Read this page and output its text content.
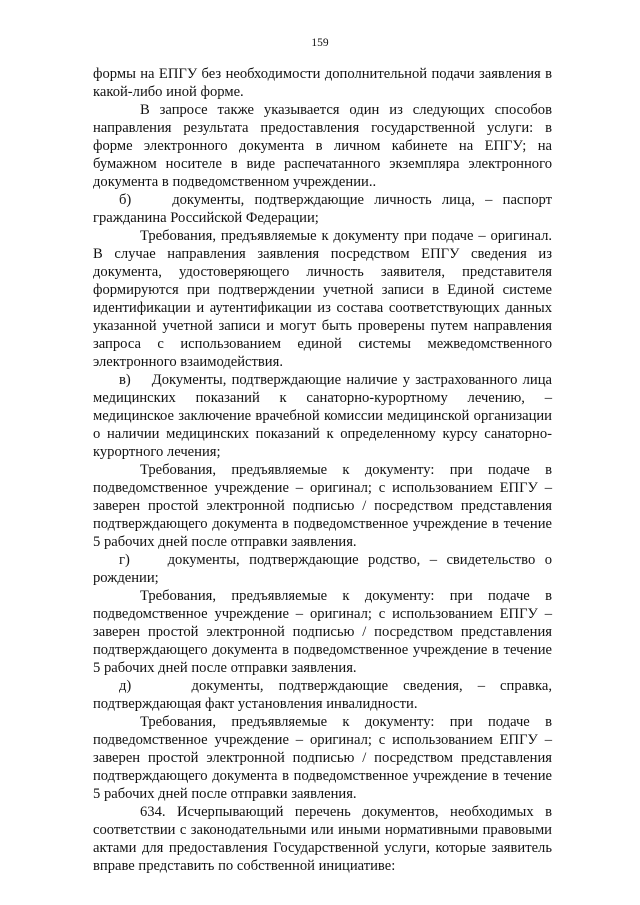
159

формы на ЕПГУ без необходимости дополнительной подачи заявления в какой-либо иной форме.

В запросе также указывается один из следующих способов направления результата предоставления государственной услуги: в форме электронного документа в личном кабинете на ЕПГУ; на бумажном носителе в виде распечатанного экземпляра электронного документа в подведомственном учреждении..

б)    документы, подтверждающие личность лица, – паспорт гражданина Российской Федерации;

Требования, предъявляемые к документу при подаче – оригинал. В случае направления заявления посредством ЕПГУ сведения из документа, удостоверяющего личность заявителя, представителя формируются при подтверждении учетной записи в Единой системе идентификации и аутентификации из состава соответствующих данных указанной учетной записи и могут быть проверены путем направления запроса с использованием единой системы межведомственного электронного взаимодействия.

в)    Документы, подтверждающие наличие у застрахованного лица медицинских показаний к санаторно-курортному лечению, – медицинское заключение врачебной комиссии медицинской организации о наличии медицинских показаний к определенному курсу санаторно-курортного лечения;

Требования, предъявляемые к документу: при подаче в подведомственное учреждение – оригинал; с использованием ЕПГУ – заверен простой электронной подписью / посредством представления подтверждающего документа в подведомственное учреждение в течение 5 рабочих дней после отправки заявления.

г)    документы, подтверждающие родство, – свидетельство о рождении;

Требования, предъявляемые к документу: при подаче в подведомственное учреждение – оригинал; с использованием ЕПГУ – заверен простой электронной подписью / посредством представления подтверждающего документа в подведомственное учреждение в течение 5 рабочих дней после отправки заявления.

д)    документы, подтверждающие сведения, – справка, подтверждающая факт установления инвалидности.

Требования, предъявляемые к документу: при подаче в подведомственное учреждение – оригинал; с использованием ЕПГУ – заверен простой электронной подписью / посредством представления подтверждающего документа в подведомственное учреждение в течение 5 рабочих дней после отправки заявления.

634. Исчерпывающий перечень документов, необходимых в соответствии с законодательными или иными нормативными правовыми актами для предоставления Государственной услуги, которые заявитель вправе представить по собственной инициативе:
